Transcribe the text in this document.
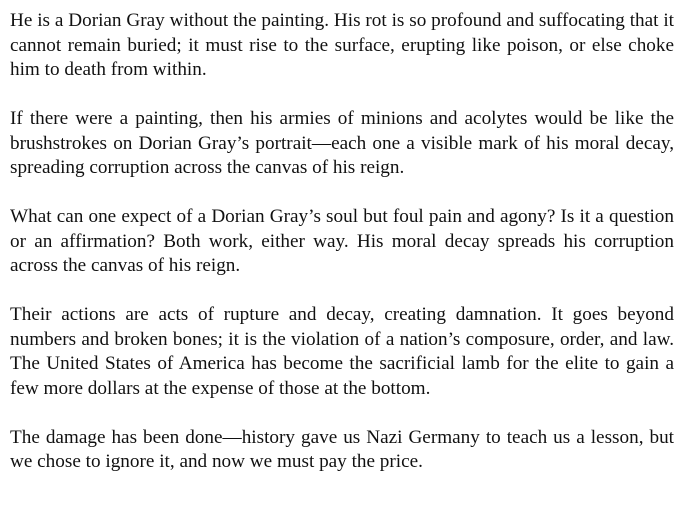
He is a Dorian Gray without the painting. His rot is so profound and suffocating that it cannot remain buried; it must rise to the surface, erupting like poison, or else choke him to death from within.

If there were a painting, then his armies of minions and acolytes would be like the brushstrokes on Dorian Gray’s portrait—each one a visible mark of his moral decay, spreading corruption across the canvas of his reign.

What can one expect of a Dorian Gray’s soul but foul pain and agony? Is it a question or an affirmation? Both work, either way. His moral decay spreads his corruption across the canvas of his reign.

Their actions are acts of rupture and decay, creating damnation. It goes beyond numbers and broken bones; it is the violation of a nation’s composure, order, and law. The United States of America has become the sacrificial lamb for the elite to gain a few more dollars at the expense of those at the bottom.

The damage has been done—history gave us Nazi Germany to teach us a lesson, but we chose to ignore it, and now we must pay the price.
